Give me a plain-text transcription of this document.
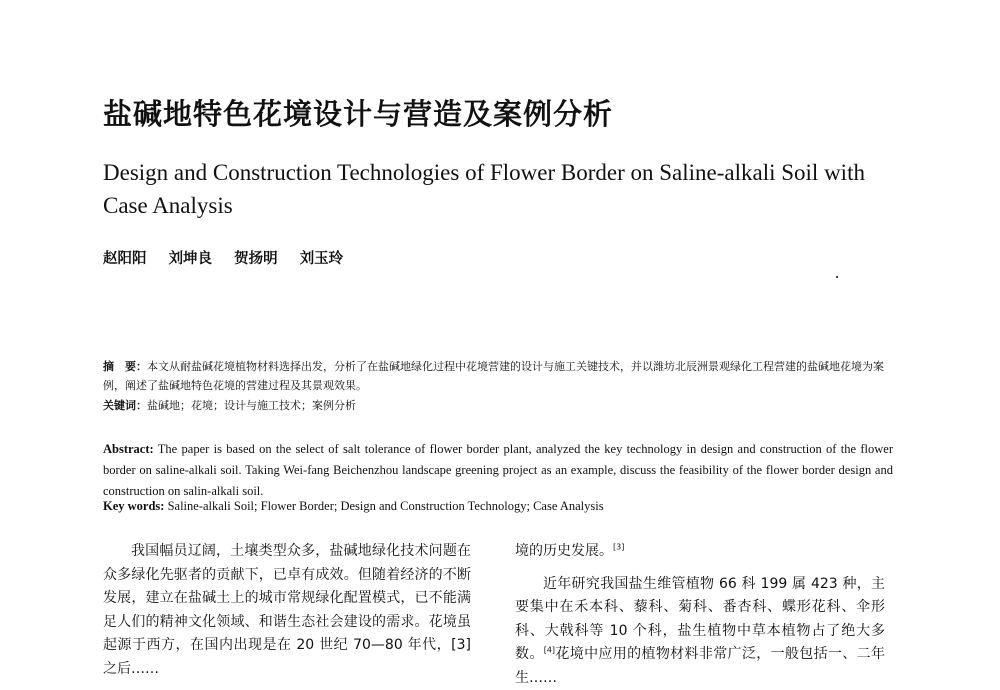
盐碱地特色花境设计与营造及案例分析
Design and Construction Technologies of Flower Border on Saline-alkali Soil with Case Analysis
赵阳阳 刘坤良 贺扬明 刘玉玲
摘　要：本文从耐盐碱花境植物材料选择出发，分析了在盐碱地绿化过程中花境营建的设计与施工关键技术，并以潍坊北辰洲景观绿化工程营建的盐碱地花境为案例，阐述了盐碱地特色花境的营建过程及其景观效果。
关键词：盐碱地；花境；设计与施工技术；案例分析
Abstract: The paper is based on the select of salt tolerance of flower border plant, analyzed the key technology in design and construction of the flower border on saline-alkali soil. Taking Wei-fang Beichenzhou landscape greening project as an example, discuss the feasibility of the flower border design and construction on salin-alkali soil.
Key words: Saline-alkali Soil; Flower Border; Design and Construction Technology; Case Analysis

我国幅员辽阔，土壤类型众多，盐碱地绿化技术问题在众多绿化先驱者的贡献下，已卓有成效。但随着经济的不断发展，建立在盐碱土上的城市常规绿化配置模式，已不能满足人们的精神文化领域、和谐生态社会建设的需求。花境虽起源于西方，在国内出现是在 20 世纪 70—80 年代，[3]之后……

境的历史发展。[3]

近年研究我国盐生维管植物 66 科 199 属 423 种，主要集中在禾本科、藜科、菊科、番杏科、蝶形花科、伞形科、大戟科等 10 个科，盐生植物中草本植物占了绝大多数。[4]花境中应用的植物材料非常广泛，一般包括一、二年生……
